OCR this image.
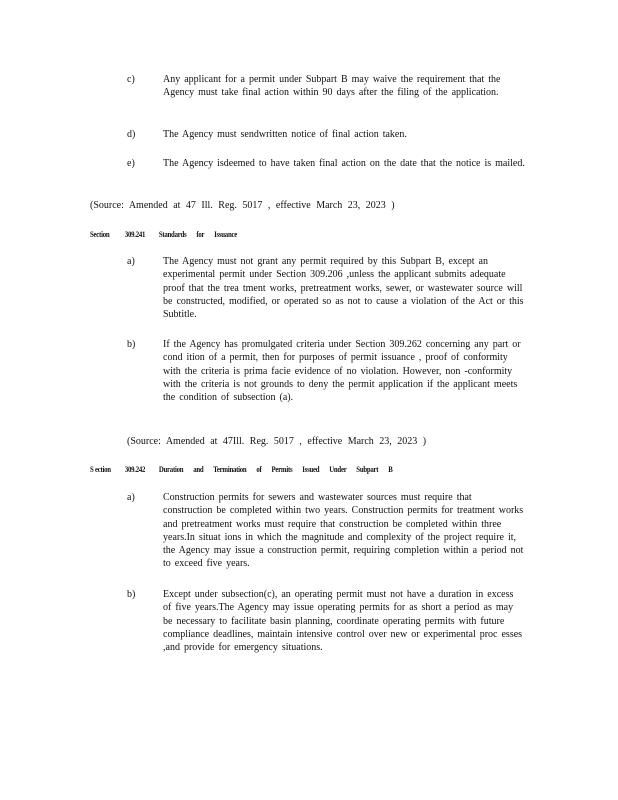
c)	Any applicant for a permit under Subpart B may waive the requirement that the Agency must take final action within 90 days after the filing of the application.
d)	The Agency must sendwritten notice of final action taken.
e)	The Agency isdeemed to have taken final action on the date that the notice is mailed.
(Source: Amended at 47 Ill. Reg. 5017 , effective March 23, 2023 )
Section 309.241 Standards for Issuance
a)	The Agency must not grant any permit required by this Subpart B, except an experimental permit under Section 309.206 ,unless the applicant submits adequate proof that the trea tment works, pretreatment works, sewer, or wastewater source will be constructed, modified, or operated so as not to cause a violation of the Act or this Subtitle.
b)	If the Agency has promulgated criteria under Section 309.262 concerning any part or cond ition of a permit, then for purposes of permit issuance , proof of conformity with the criteria is prima facie evidence of no violation. However, non -conformity with the criteria is not grounds to deny the permit application if the applicant meets the condition of subsection (a).
(Source: Amended at 47Ill. Reg. 5017 , effective March 23, 2023 )
S ection 309.242 Duration and Termination of Permits Issued Under Subpart B
a)	Construction permits for sewers and wastewater sources must require that construction be completed within two years. Construction permits for treatment works and pretreatment works must require that construction be completed within three years.In situat ions in which the magnitude and complexity of the project require it, the Agency may issue a construction permit, requiring completion within a period not to exceed five years.
b)	Except under subsection(c), an operating permit must not have a duration in excess of five years.The Agency may issue operating permits for as short a period as may be necessary to facilitate basin planning, coordinate operating permits with future compliance deadlines, maintain intensive control over new or experimental proc esses ,and provide for emergency situations.
